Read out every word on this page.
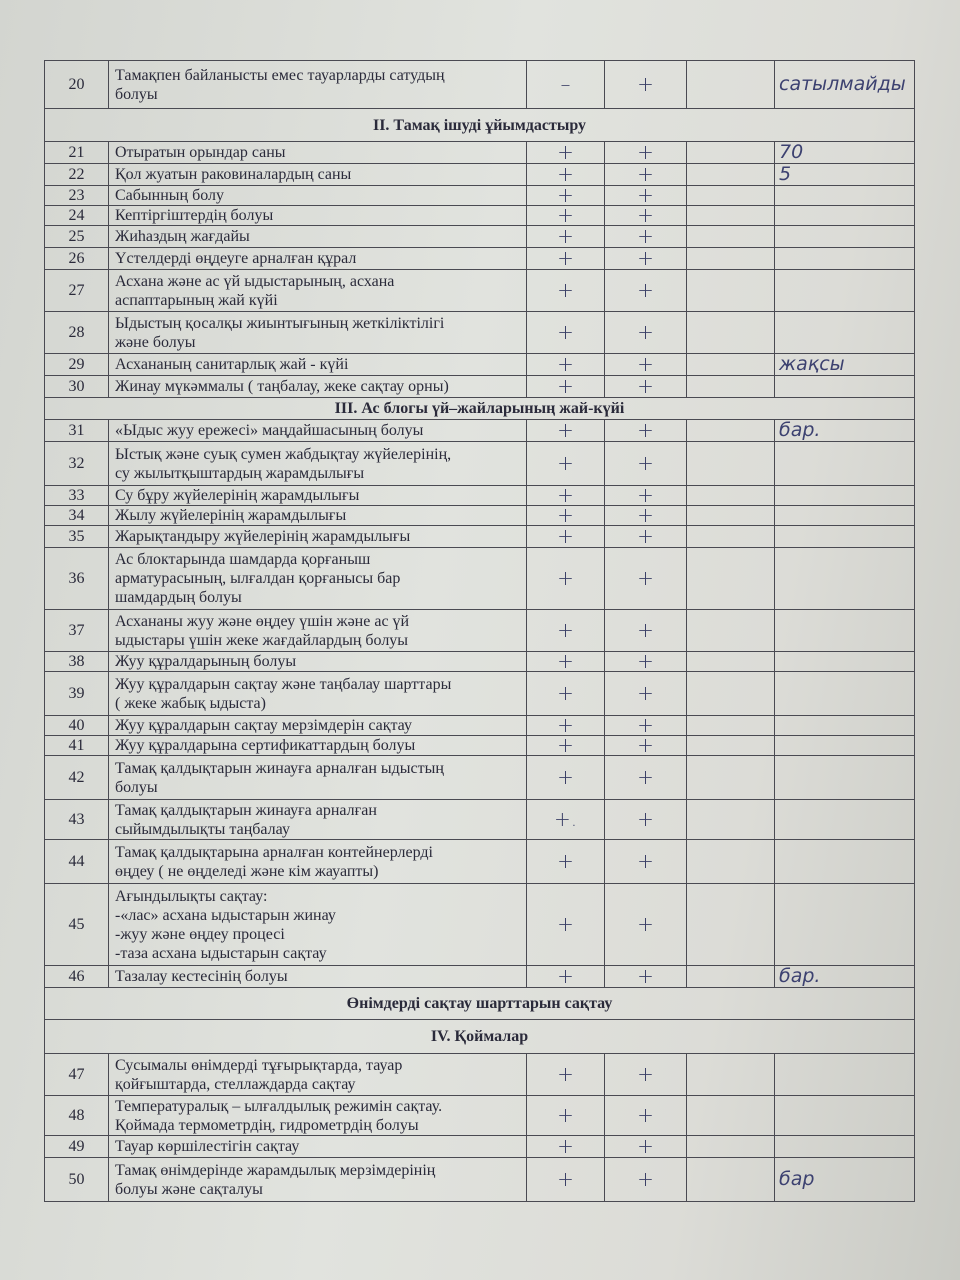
20	Тамақпен байланысты емес тауарларды сатудың
болуы	–	+		сатылмайды
II. Тамақ ішуді ұйымдастыру					
21	Отыратын орындар саны	+	+		70
22	Қол жуатын раковиналардың саны	+	+		5
23	Сабынның болу	+	+		
24	Кептіргіштердің болуы	+	+		
25	Жиһаздың жағдайы	+	+		
26	Үстелдерді өңдеуге арналған құрал	+	+		
27	Асхана және ас үй ыдыстарының, асхана
аспаптарының жай күйі	+	+		
28	Ыдыстың қосалқы жиынтығының жеткіліктілігі
және болуы	+	+		
29	Асхананың санитарлық жай - күйі	+	+		жақсы
30	Жинау мүкәммалы ( таңбалау, жеке сақтау орны)	+	+		
III. Ас блогы үй–жайларының жай-күйі					
31	«Ыдыс жуу ережесі» маңдайшасының болуы	+	+		бар.
32	Ыстық және суық сумен жабдықтау жүйелерінің,
су жылытқыштардың жарамдылығы	+	+		
33	Су бұру жүйелерінің жарамдылығы	+	+		
34	Жылу жүйелерінің жарамдылығы	+	+		
35	Жарықтандыру жүйелерінің жарамдылығы	+	+		
36	Ас блоктарында шамдарда қорғаныш
арматурасының, ылғалдан қорғанысы бар
шамдардың болуы	+	+		
37	Асхананы жуу және өңдеу үшін және ас үй
ыдыстары үшін жеке жағдайлардың болуы	+	+		
38	Жуу құралдарының болуы	+	+		
39	Жуу құралдарын сақтау және таңбалау шарттары
( жеке жабық ыдыста)	+	+		
40	Жуу құралдарын сақтау мерзімдерін сақтау	+	+		
41	Жуу құралдарына сертификаттардың болуы	+	+		
42	Тамақ қалдықтарын жинауға арналған ыдыстың
болуы	+	+		
43	Тамақ қалдықтарын жинауға арналған
сыйымдылықты таңбалау	+.	+		
44	Тамақ қалдықтарына арналған контейнерлерді
өңдеу ( не өңделеді және кім жауапты)	+	+		
45	Ағындылықты сақтау:
-«лас» асхана ыдыстарын жинау
-жуу және өңдеу процесі
-таза асхана ыдыстарын сақтау	+	+		
46	Тазалау кестесінің болуы	+	+		бар.
Өнімдерді сақтау шарттарын сақтау					
IV. Қоймалар					
47	Сусымалы өнімдерді тұғырықтарда, тауар
қойғыштарда, стеллаждарда сақтау	+	+		
48	Температуралық – ылғалдылық режимін сақтау.
Қоймада термометрдің, гидрометрдің болуы	+	+		
49	Тауар көршілестігін сақтау	+	+		
50	Тамақ өнімдерінде жарамдылық мерзімдерінің
болуы және сақталуы	+	+		бар
